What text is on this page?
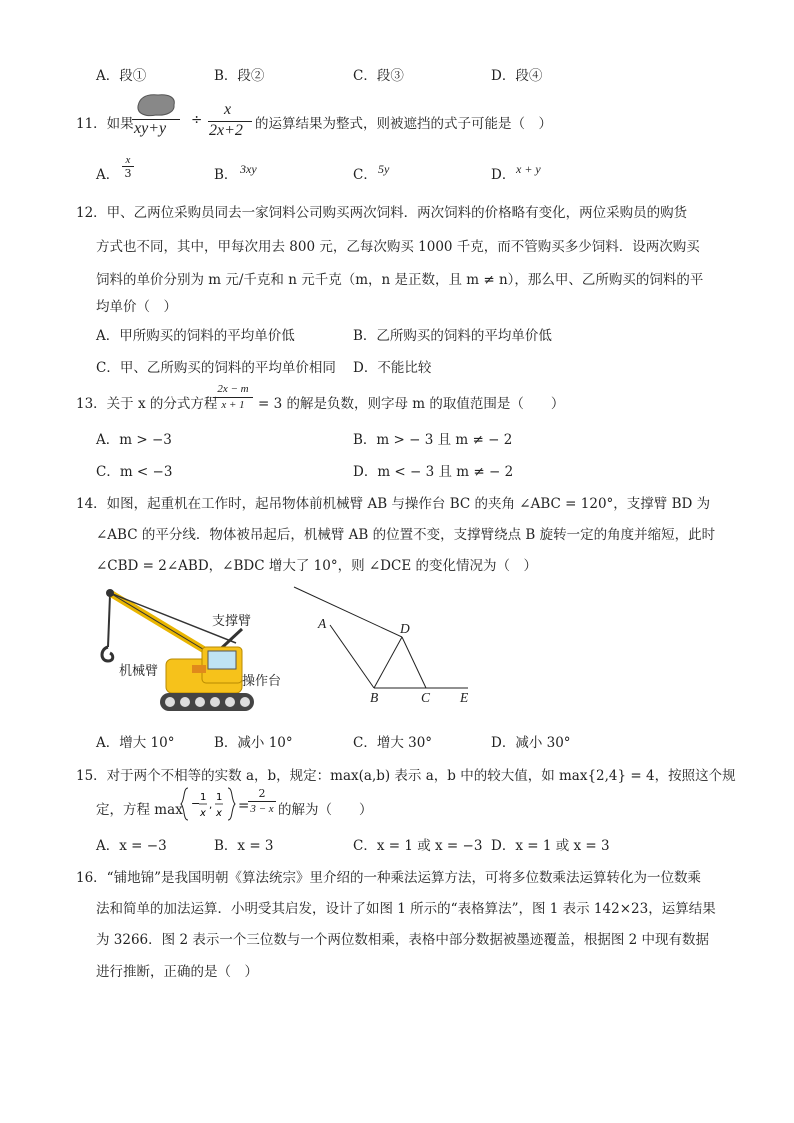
A．段①	B．段②	C．段③	D．段④
11．如果 xy+y ÷
x
2x+2 的运算结果为整式，则被遮挡的式子可能是（　）
A． $\frac{x}{3}$	B． 3xy	C． 5y	D． x + y
12．甲、乙两位采购员同去一家饲料公司购买两次饲料．两次饲料的价格略有变化，两位采购员的购货
方式也不同，其中，甲每次用去 800 元，乙每次购买 1000 千克，而不管购买多少饲料．设两次购买
饲料的单价分别为 m 元/千克和 n 元千克（m，n 是正数，且 m ≠ n），那么甲、乙所购买的饲料的平
均单价（　）
A．甲所购买的饲料的平均单价低	B．乙所购买的饲料的平均单价低
C．甲、乙所购买的饲料的平均单价相同 D．不能比较
13．关于 x 的分式方程
$\frac{2x - m}{x + 1} = 3$ 的解是负数，则字母 m 的取值范围是（　　）
A．m > −3	B．m > − 3 且 m ≠ − 2
C．m < −3	D．m < − 3 且 m ≠ − 2
14．如图，起重机在工作时，起吊物体前机械臂 AB 与操作台 BC 的夹角 ∠ABC = 120°，支撑臂 BD 为
∠ABC 的平分线．物体被吊起后，机械臂 AB 的位置不变，支撑臂绕点 B 旋转一定的角度并缩短，此时
∠CBD = 2∠ABD，∠BDC 增大了 10°，则 ∠DCE 的变化情况为（　）
支撑臂
机械臂
操作台
A	D
B	C E
A．增大 10°	B．减小 10°	C．增大 30°	D．减小 30°
15．对于两个不相等的实数 a，b，规定：max(a,b) 表示 a，b 中的较大值，如 max{2,4} = 4，按照这个规
定，方程 max − 1
x
,
1
x =
$\frac{2}{3 - x}$ 的解为（　　）
A．x = −3	B．x = 3	C．x = 1 或 x = −3 D．x = 1 或 x = 3
16．“铺地锦”是我国明朝《算法统宗》里介绍的一种乘法运算方法，可将多位数乘法运算转化为一位数乘
法和简单的加法运算．小明受其启发，设计了如图 1 所示的“表格算法”，图 1 表示 142×23，运算结果
为 3266．图 2 表示一个三位数与一个两位数相乘，表格中部分数据被墨迹覆盖，根据图 2 中现有数据
进行推断，正确的是（　）
